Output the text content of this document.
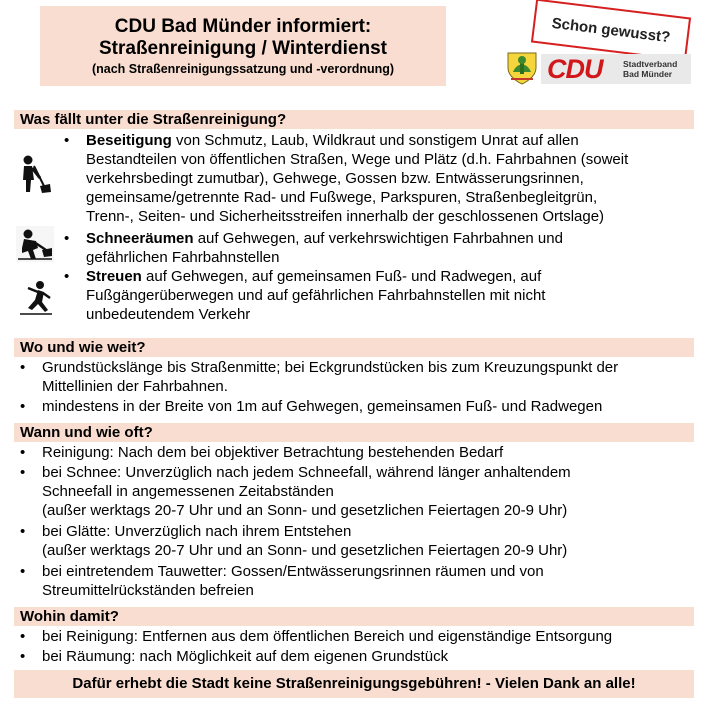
CDU Bad Münder informiert:
Straßenreinigung / Winterdienst
(nach Straßenreinigungssatzung und -verordnung)
Schon gewusst?
CDU Stadtverband
Bad Münder
Was fällt unter die Straßenreinigung?
• Beseitigung von Schmutz, Laub, Wildkraut und sonstigem Unrat auf allen
Bestandteilen von öffentlichen Straßen, Wege und Plätz (d.h. Fahrbahnen (soweit
verkehrsbedingt zumutbar), Gehwege, Gossen bzw. Entwässerungsrinnen,
gemeinsame/getrennte Rad- und Fußwege, Parkspuren, Straßenbegleitgrün,
Trenn-, Seiten- und Sicherheitsstreifen innerhalb der geschlossenen Ortslage)
• Schneeräumen auf Gehwegen, auf verkehrswichtigen Fahrbahnen und
gefährlichen Fahrbahnstellen
• Streuen auf Gehwegen, auf gemeinsamen Fuß- und Radwegen, auf
Fußgängerüberwegen und auf gefährlichen Fahrbahnstellen mit nicht
unbedeutendem Verkehr
Wo und wie weit?
• Grundstückslänge bis Straßenmitte; bei Eckgrundstücken bis zum Kreuzungspunkt der
Mittellinien der Fahrbahnen.
• mindestens in der Breite von 1m auf Gehwegen, gemeinsamen Fuß- und Radwegen
Wann und wie oft?
• Reinigung: Nach dem bei objektiver Betrachtung bestehenden Bedarf
• bei Schnee: Unverzüglich nach jedem Schneefall, während länger anhaltendem
Schneefall in angemessenen Zeitabständen
(außer werktags 20-7 Uhr und an Sonn- und gesetzlichen Feiertagen 20-9 Uhr)
• bei Glätte: Unverzüglich nach ihrem Entstehen
(außer werktags 20-7 Uhr und an Sonn- und gesetzlichen Feiertagen 20-9 Uhr)
• bei eintretendem Tauwetter: Gossen/Entwässerungsrinnen räumen und von
Streumittelrückständen befreien
Wohin damit?
• bei Reinigung: Entfernen aus dem öffentlichen Bereich und eigenständige Entsorgung
• bei Räumung: nach Möglichkeit auf dem eigenen Grundstück
Dafür erhebt die Stadt keine Straßenreinigungsgebühren! - Vielen Dank an alle!
